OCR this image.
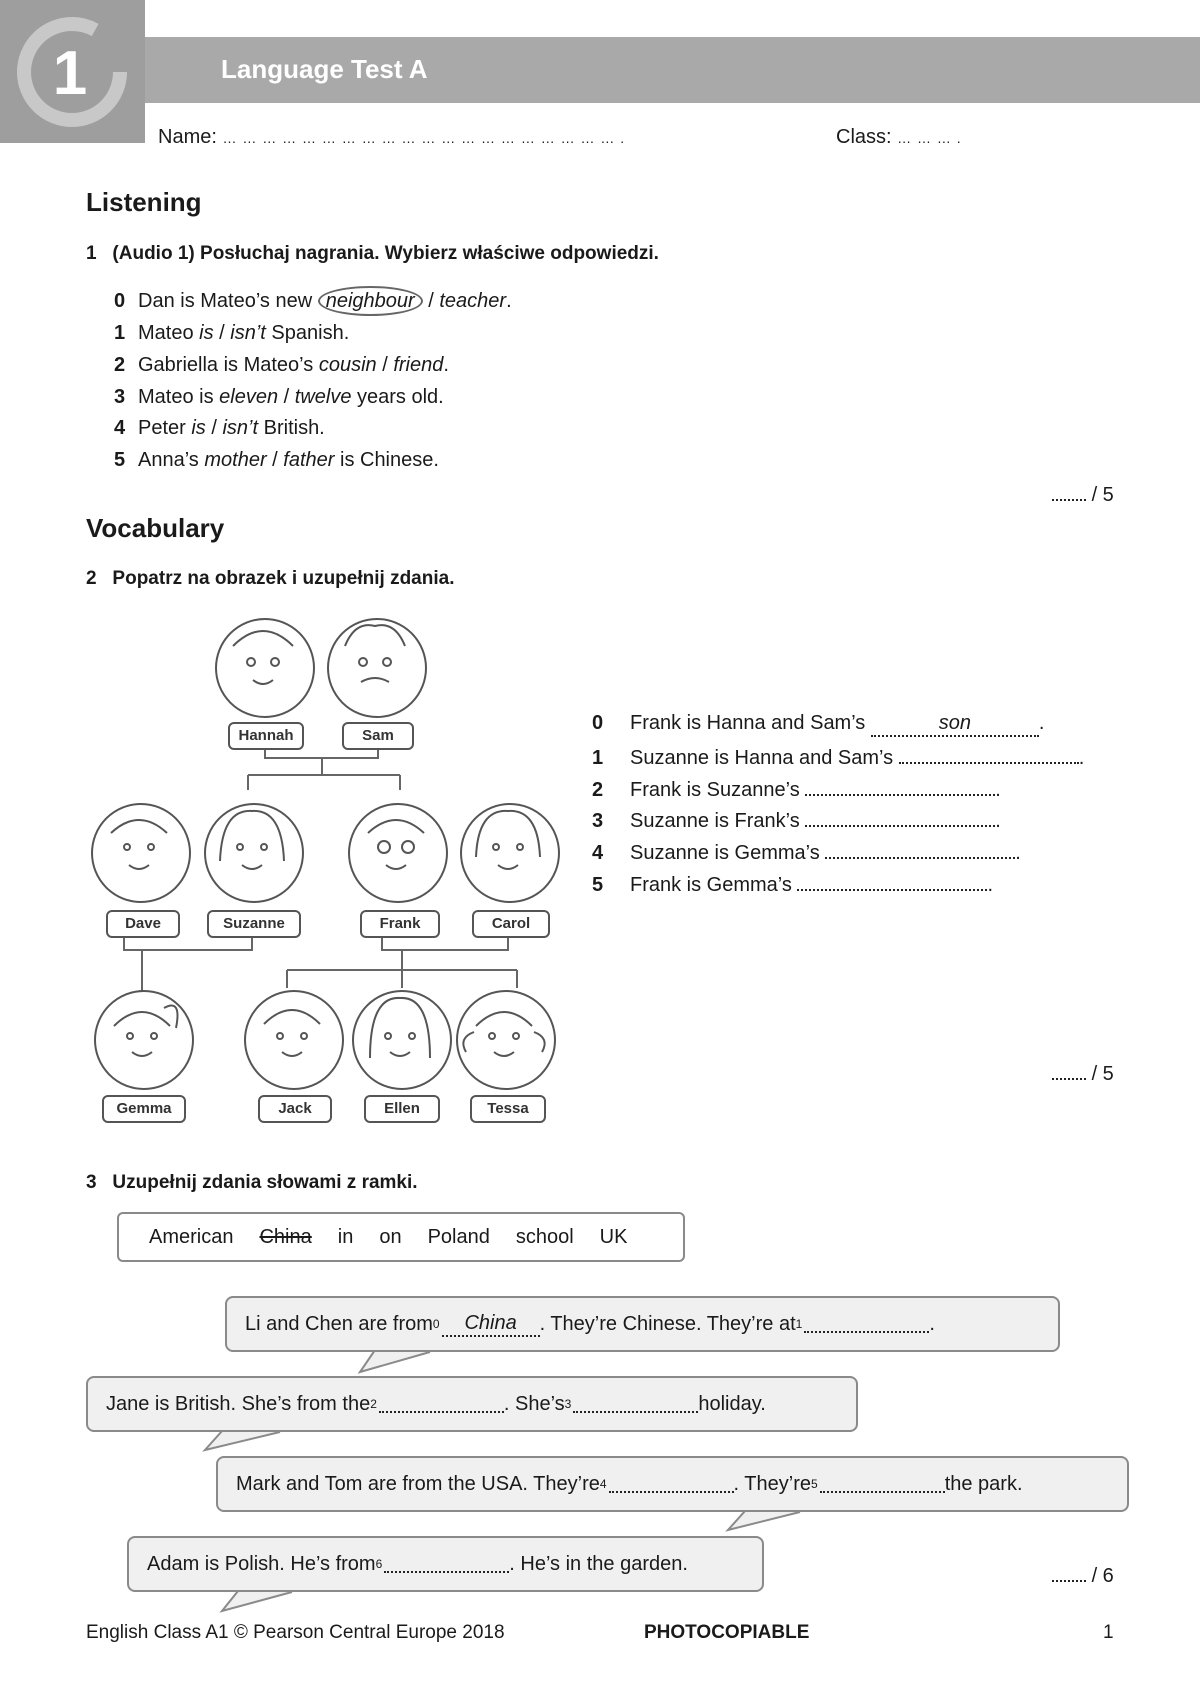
1	Language Test A
Name: … … … … … … … … … … … … … … … … … … … … .	Class: … … … .
Listening
1 (Audio 1) Posłuchaj nagrania. Wybierz właściwe odpowiedzi.
0 Dan is Mateo’s new neighbour / teacher.
1 Mateo is / isn’t Spanish.
2 Gabriella is Mateo’s cousin / friend.
3 Mateo is eleven / twelve years old.
4 Peter is / isn’t British.
5 Anna’s mother / father is Chinese.
/ 5
Vocabulary
2 Popatrz na obrazek i uzupełnij zdania.
Hannah	Sam
Dave	Suzanne	Frank	Carol
Gemma	Jack	Ellen	Tessa
0 Frank is Hanna and Sam’s	son	.
1 Suzanne is Hanna and Sam’s	.
2 Frank is Suzanne’s	.
3 Suzanne is Frank’s	.
4 Suzanne is Gemma’s	.
5 Frank is Gemma’s	.
/ 5
3 Uzupełnij zdania słowami z ramki.
American China in on Poland school UK
Li and Chen are from 0	China	. They’re Chinese. They’re at 1	.
Jane is British. She’s from the 2	. She’s 3	holiday.
Mark and Tom are from the USA. They’re 4	. They’re 5	the park.
Adam is Polish. He’s from 6	. He’s in the garden.
/ 6
English Class A1 © Pearson Central Europe 2018	PHOTOCOPIABLE	1
